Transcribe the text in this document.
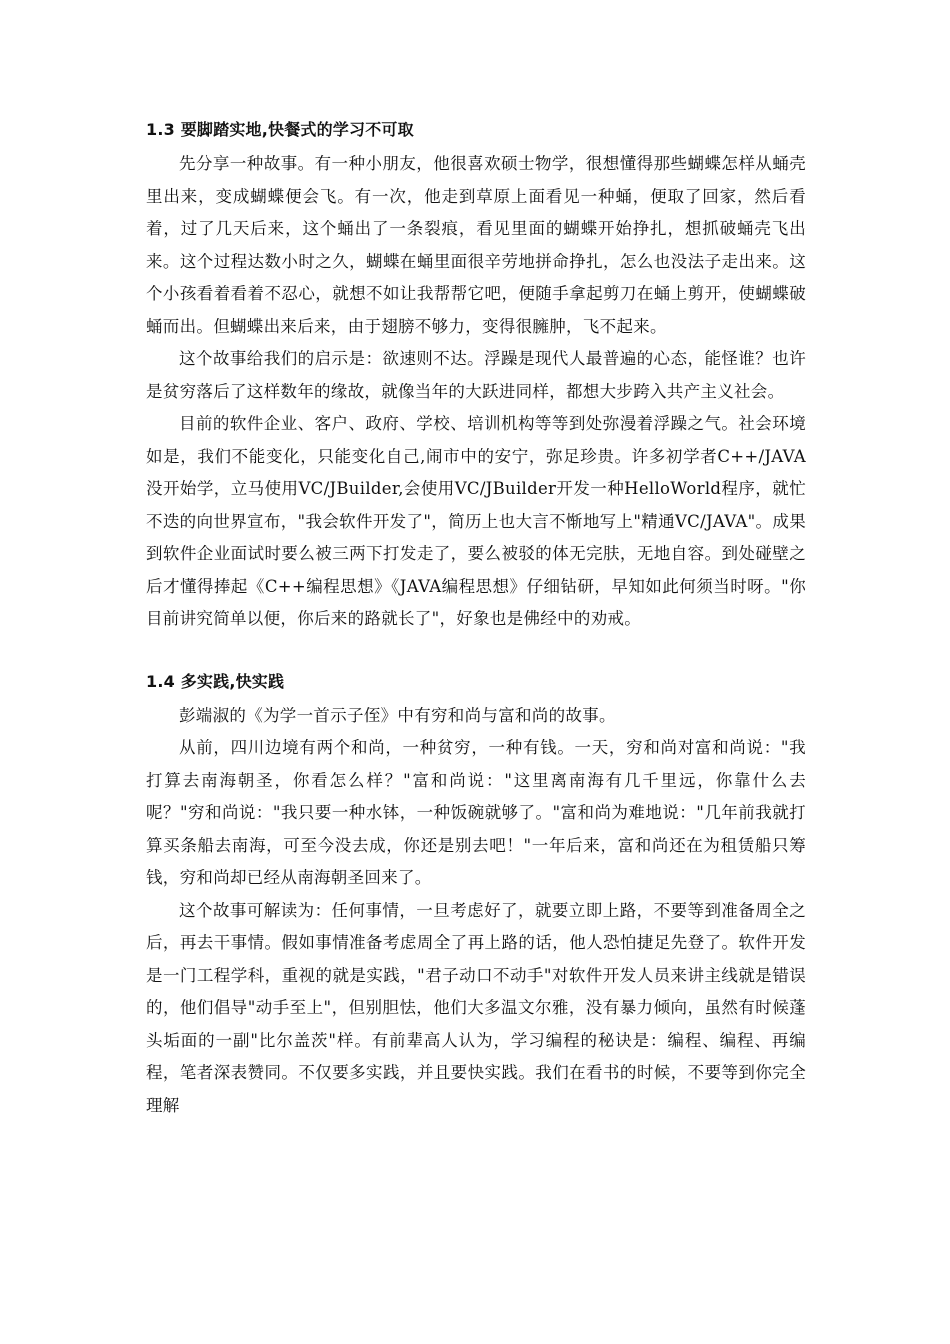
1.3 要脚踏实地,快餐式的学习不可取

先分享一种故事。有一种小朋友，他很喜欢硕士物学，很想懂得那些蝴蝶怎样从蛹壳里出来，变成蝴蝶便会飞。有一次，他走到草原上面看见一种蛹，便取了回家，然后看着，过了几天后来，这个蛹出了一条裂痕，看见里面的蝴蝶开始挣扎，想抓破蛹壳飞出来。这个过程达数小时之久，蝴蝶在蛹里面很辛劳地拼命挣扎，怎么也没法子走出来。这个小孩看着看着不忍心，就想不如让我帮帮它吧，便随手拿起剪刀在蛹上剪开，使蝴蝶破蛹而出。但蝴蝶出来后来，由于翅膀不够力，变得很臃肿，飞不起来。

这个故事给我们的启示是：欲速则不达。浮躁是现代人最普遍的心态，能怪谁？也许是贫穷落后了这样数年的缘故，就像当年的大跃进同样，都想大步跨入共产主义社会。

目前的软件企业、客户、政府、学校、培训机构等等到处弥漫着浮躁之气。社会环境如是，我们不能变化，只能变化自己,闹市中的安宁，弥足珍贵。许多初学者C++/JAVA没开始学，立马使用VC/JBuilder,会使用VC/JBuilder开发一种HelloWorld程序，就忙不迭的向世界宣布，"我会软件开发了"，简历上也大言不惭地写上"精通VC/JAVA"。成果到软件企业面试时要么被三两下打发走了，要么被驳的体无完肤，无地自容。到处碰壁之后才懂得捧起《C++编程思想》《JAVA编程思想》仔细钻研，早知如此何须当时呀。"你目前讲究简单以便，你后来的路就长了"，好象也是佛经中的劝戒。

1.4 多实践,快实践

彭端淑的《为学一首示子侄》中有穷和尚与富和尚的故事。

从前，四川边境有两个和尚，一种贫穷，一种有钱。一天，穷和尚对富和尚说："我打算去南海朝圣，你看怎么样？"富和尚说："这里离南海有几千里远，你靠什么去呢？"穷和尚说："我只要一种水钵，一种饭碗就够了。"富和尚为难地说："几年前我就打算买条船去南海，可至今没去成，你还是别去吧！"一年后来，富和尚还在为租赁船只筹钱，穷和尚却已经从南海朝圣回来了。

这个故事可解读为：任何事情，一旦考虑好了，就要立即上路，不要等到准备周全之后，再去干事情。假如事情准备考虑周全了再上路的话，他人恐怕捷足先登了。软件开发是一门工程学科，重视的就是实践，"君子动口不动手"对软件开发人员来讲主线就是错误的，他们倡导"动手至上"，但别胆怯，他们大多温文尔雅，没有暴力倾向，虽然有时候蓬头垢面的一副"比尔盖茨"样。有前辈高人认为，学习编程的秘诀是：编程、编程、再编程，笔者深表赞同。不仅要多实践，并且要快实践。我们在看书的时候，不要等到你完全理解
